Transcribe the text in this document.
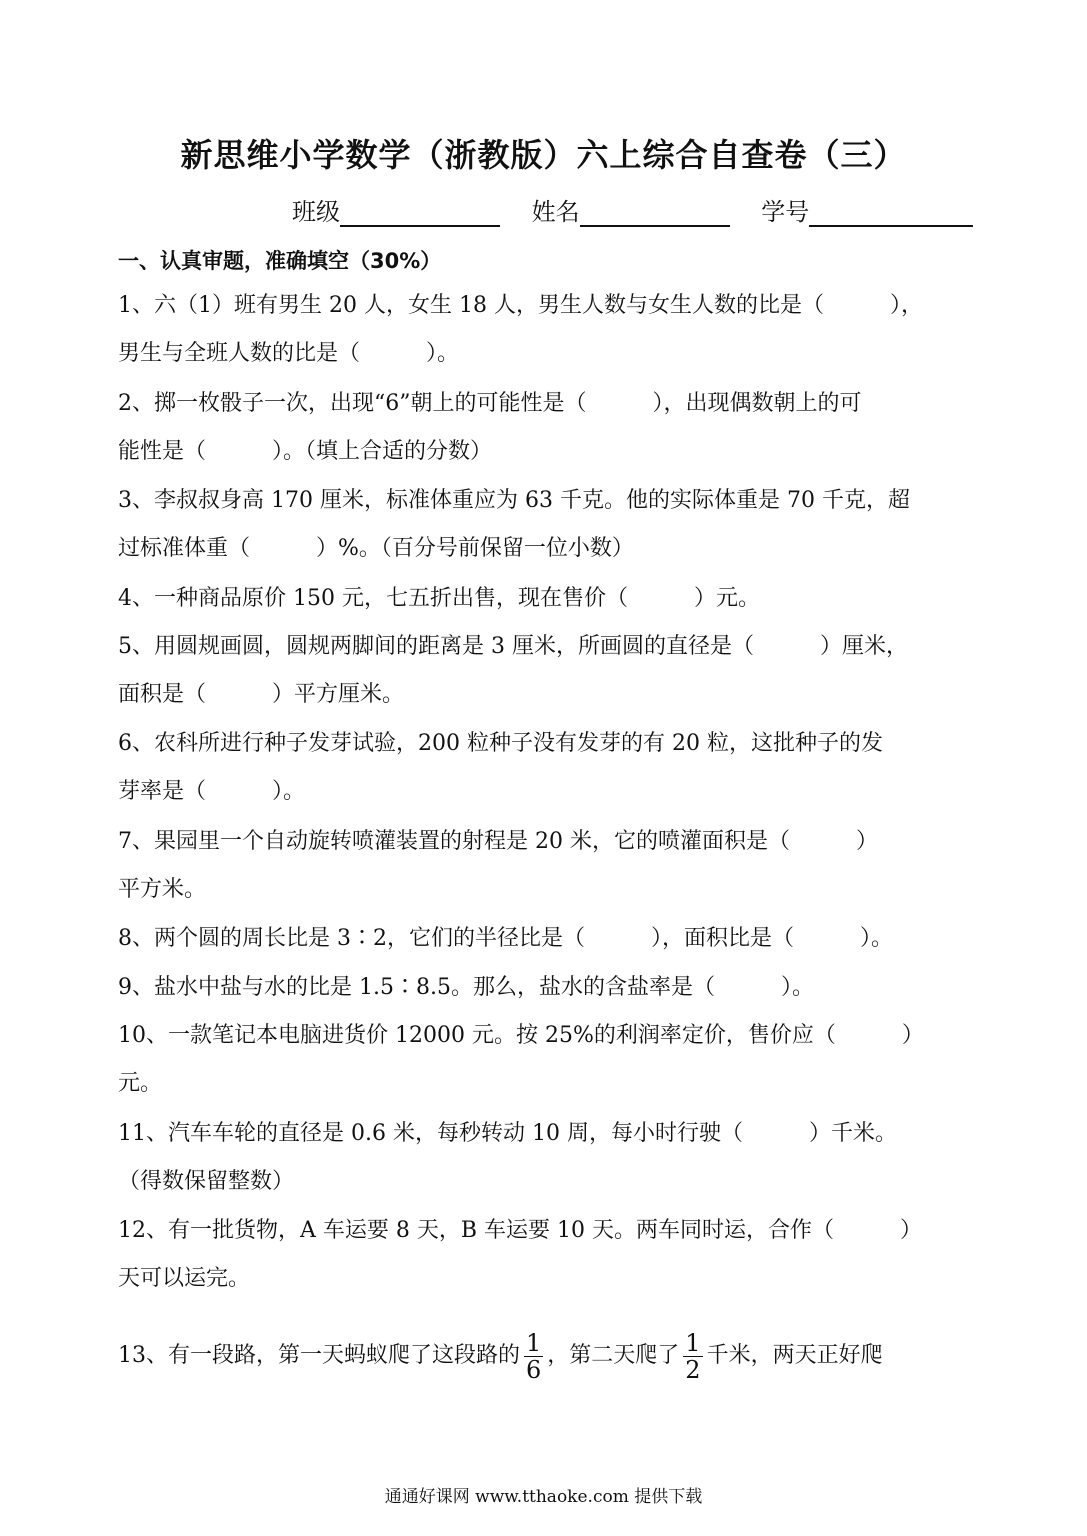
新思维小学数学（浙教版）六上综合自查卷（三）
班级	姓名	学号
一、认真审题，准确填空（30%）
1、六（1）班有男生 20 人，女生 18 人，男生人数与女生人数的比是（　　　），
男生与全班人数的比是（　　　）。
2、掷一枚骰子一次，出现“6”朝上的可能性是（　　　），出现偶数朝上的可
能性是（　　　）。（填上合适的分数）
3、李叔叔身高 170 厘米，标准体重应为 63 千克。他的实际体重是 70 千克，超
过标准体重（　　　）%。（百分号前保留一位小数）
4、一种商品原价 150 元，七五折出售，现在售价（　　　）元。
5、用圆规画圆，圆规两脚间的距离是 3 厘米，所画圆的直径是（　　　）厘米，
面积是（　　　）平方厘米。
6、农科所进行种子发芽试验，200 粒种子没有发芽的有 20 粒，这批种子的发
芽率是（　　　）。
7、果园里一个自动旋转喷灌装置的射程是 20 米，它的喷灌面积是（　　　）
平方米。
8、两个圆的周长比是 3∶2，它们的半径比是（　　　），面积比是（　　　）。
9、盐水中盐与水的比是 1.5∶8.5。那么，盐水的含盐率是（　　　）。
10、一款笔记本电脑进货价 12000 元。按 25%的利润率定价，售价应（　　　）
元。
11、汽车车轮的直径是 0.6 米，每秒转动 10 周，每小时行驶（　　　）千米。
（得数保留整数）
12、有一批货物，A 车运要 8 天，B 车运要 10 天。两车同时运，合作（　　　）
天可以运完。
13、有一段路，第一天蚂蚁爬了这段路的 $\frac{1}{6}$ ，第二天爬了 $\frac{1}{2}$ 千米，两天正好爬
通通好课网 www.tthaoke.com 提供下载
